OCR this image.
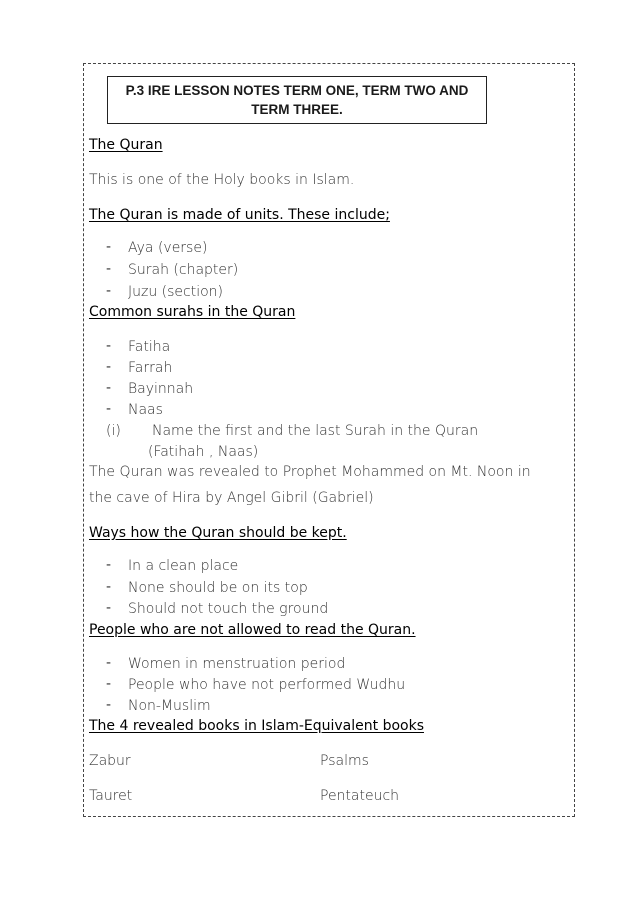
P.3 IRE LESSON NOTES TERM ONE, TERM TWO AND
TERM THREE.
The Quran
This is one of the Holy books in Islam.
The Quran is made of units. These include;
- Aya (verse)
- Surah (chapter)
- Juzu (section)
Common surahs in the Quran
- Fatiha
- Farrah
- Bayinnah
- Naas
(i) Name the first and the last Surah in the Quran
(Fatihah , Naas)
The Quran was revealed to Prophet Mohammed on Mt. Noon in
the cave of Hira by Angel Gibril (Gabriel)
Ways how the Quran should be kept.
- In a clean place
- None should be on its top
- Should not touch the ground
People who are not allowed to read the Quran.
- Women in menstruation period
- People who have not performed Wudhu
- Non-Muslim
The 4 revealed books in Islam-Equivalent books
Zabur	Psalms
Tauret	Pentateuch
